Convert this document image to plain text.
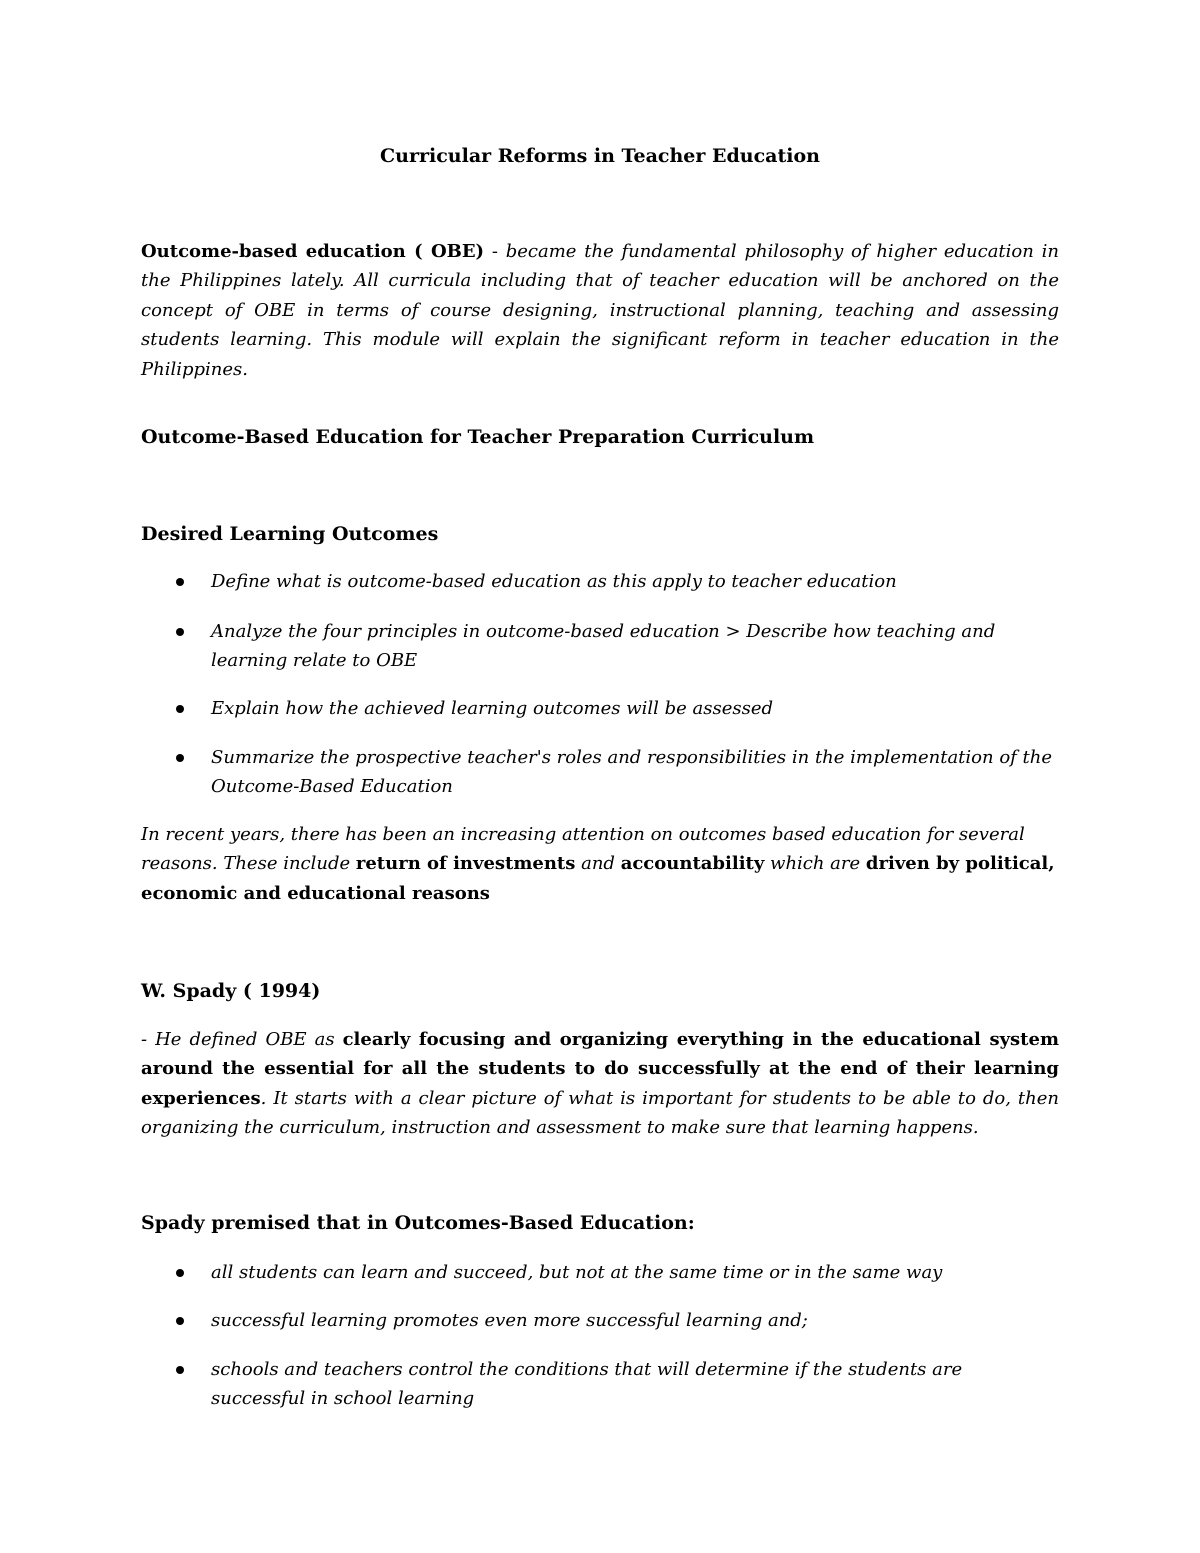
Curricular Reforms in Teacher Education

Outcome-based education ( OBE) - became the fundamental philosophy of higher education in the Philippines lately. All curricula including that of teacher education will be anchored on the concept of OBE in terms of course designing, instructional planning, teaching and assessing students learning. This module will explain the significant reform in teacher education in the Philippines.

Outcome-Based Education for Teacher Preparation Curriculum
Desired Learning Outcomes
Define what is outcome-based education as this apply to teacher education
Analyze the four principles in outcome-based education > Describe how teaching and learning relate to OBE
Explain how the achieved learning outcomes will be assessed
Summarize the prospective teacher's roles and responsibilities in the implementation of the Outcome-Based Education

In recent years, there has been an increasing attention on outcomes based education for several reasons. These include return of investments and accountability which are driven by political, economic and educational reasons

W. Spady ( 1994)

- He defined OBE as clearly focusing and organizing everything in the educational system around the essential for all the students to do successfully at the end of their learning experiences. It starts with a clear picture of what is important for students to be able to do, then organizing the curriculum, instruction and assessment to make sure that learning happens.

Spady premised that in Outcomes-Based Education:
all students can learn and succeed, but not at the same time or in the same way
successful learning promotes even more successful learning and;
schools and teachers control the conditions that will determine if the students are successful in school learning
